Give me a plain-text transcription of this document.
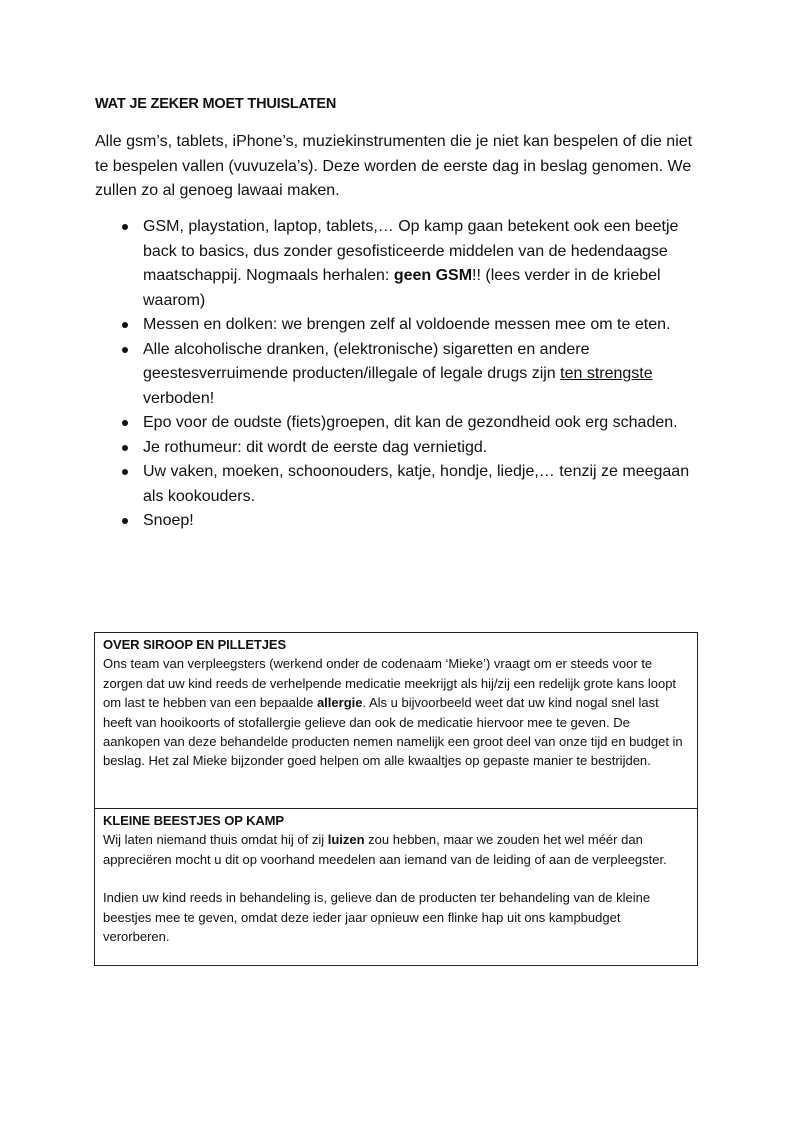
WAT JE ZEKER MOET THUISLATEN
Alle gsm’s, tablets, iPhone’s, muziekinstrumenten die je niet kan bespelen of die niet te bespelen vallen (vuvuzela’s). Deze worden de eerste dag in beslag genomen. We zullen zo al genoeg lawaai maken.
GSM, playstation, laptop, tablets,… Op kamp gaan betekent ook een beetje back to basics, dus zonder gesofisticeerde middelen van de hedendaagse maatschappij. Nogmaals herhalen: geen GSM!! (lees verder in de kriebel waarom)
Messen en dolken: we brengen zelf al voldoende messen mee om te eten.
Alle alcoholische dranken, (elektronische) sigaretten en andere geestesverruimende producten/illegale of legale drugs zijn ten strengste verboden!
Epo voor de oudste (fiets)groepen, dit kan de gezondheid ook erg schaden.
Je rothumeur: dit wordt de eerste dag vernietigd.
Uw vaken, moeken, schoonouders, katje, hondje, liedje,… tenzij ze meegaan als kookouders.
Snoep!
OVER SIROOP EN PILLETJES
Ons team van verpleegsters (werkend onder de codenaam ‘Mieke’) vraagt om er steeds voor te zorgen dat uw kind reeds de verhelpende medicatie meekrijgt als hij/zij een redelijk grote kans loopt om last te hebben van een bepaalde allergie. Als u bijvoorbeeld weet dat uw kind nogal snel last heeft van hooikoorts of stofallergie gelieve dan ook de medicatie hiervoor mee te geven. De aankopen van deze behandelde producten nemen namelijk een groot deel van onze tijd en budget in beslag. Het zal Mieke bijzonder goed helpen om alle kwaaltjes op gepaste manier te bestrijden.
KLEINE BEESTJES OP KAMP
Wij laten niemand thuis omdat hij of zij luizen zou hebben, maar we zouden het wel méér dan appreciëren mocht u dit op voorhand meedelen aan iemand van de leiding of aan de verpleegster.
Indien uw kind reeds in behandeling is, gelieve dan de producten ter behandeling van de kleine beestjes mee te geven, omdat deze ieder jaar opnieuw een flinke hap uit ons kampbudget verorberen.
